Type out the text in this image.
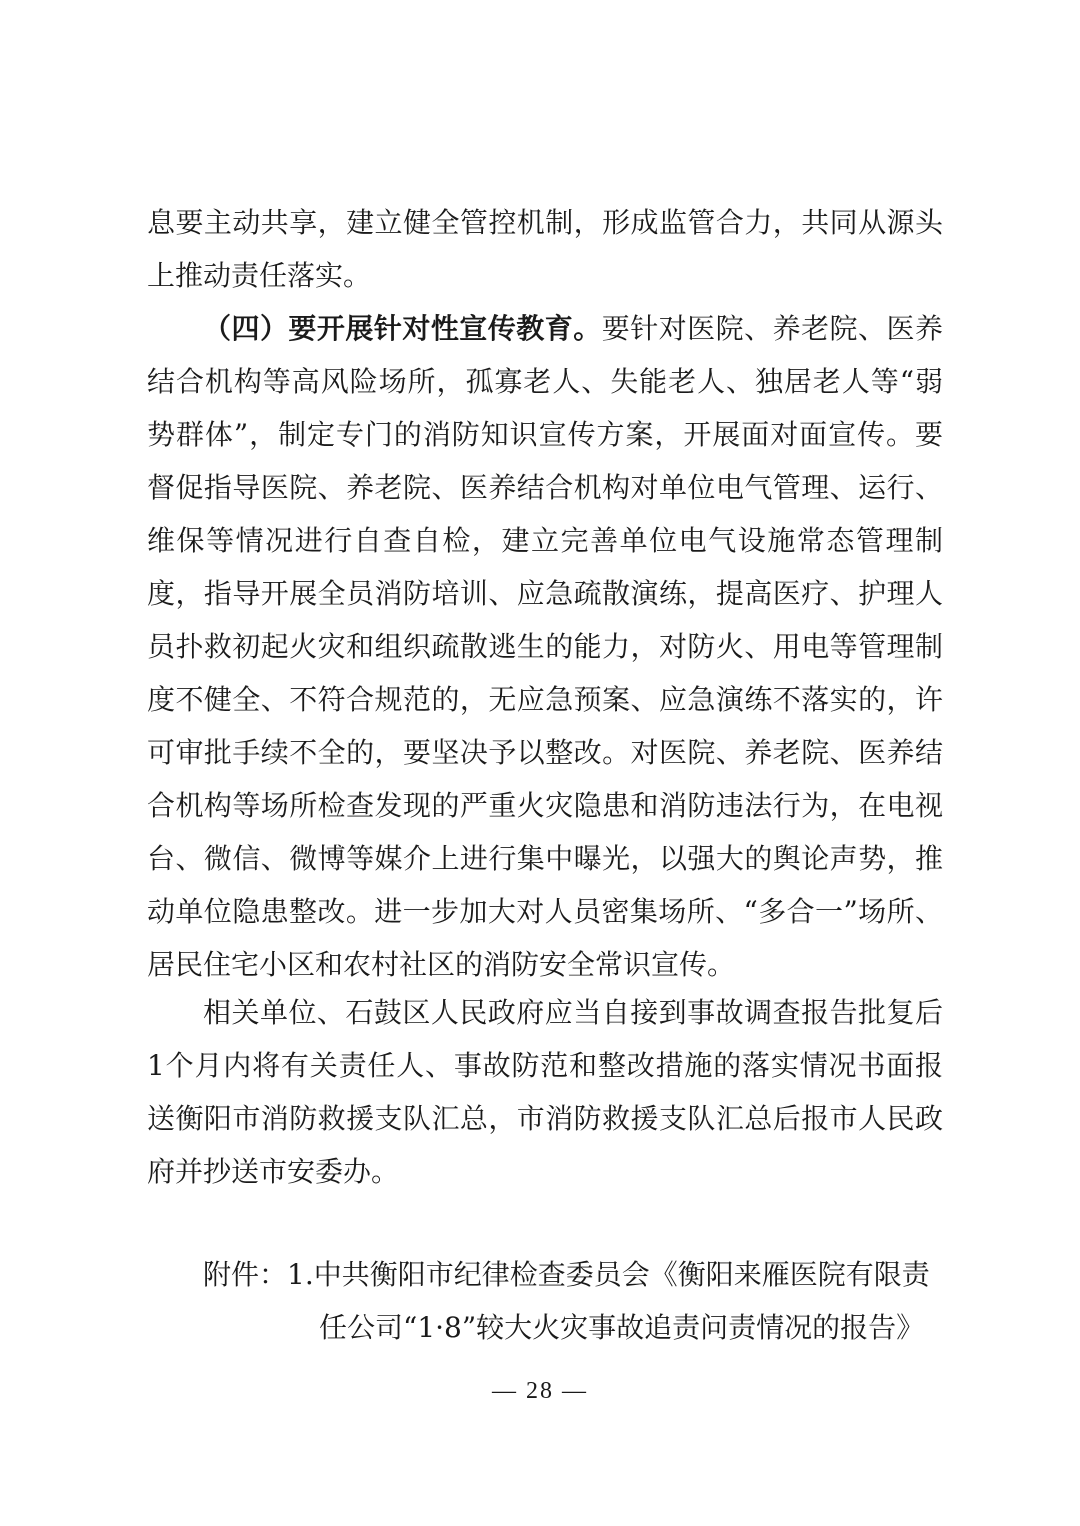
息要主动共享，建立健全管控机制，形成监管合力，共同从源头上推动责任落实。

（四）要开展针对性宣传教育。要针对医院、养老院、医养结合机构等高风险场所，孤寡老人、失能老人、独居老人等“弱势群体”，制定专门的消防知识宣传方案，开展面对面宣传。要督促指导医院、养老院、医养结合机构对单位电气管理、运行、维保等情况进行自查自检，建立完善单位电气设施常态管理制度，指导开展全员消防培训、应急疏散演练，提高医疗、护理人员扑救初起火灾和组织疏散逃生的能力，对防火、用电等管理制度不健全、不符合规范的，无应急预案、应急演练不落实的，许可审批手续不全的，要坚决予以整改。对医院、养老院、医养结合机构等场所检查发现的严重火灾隐患和消防违法行为，在电视台、微信、微博等媒介上进行集中曝光，以强大的舆论声势，推动单位隐患整改。进一步加大对人员密集场所、“多合一”场所、居民住宅小区和农村社区的消防安全常识宣传。

相关单位、石鼓区人民政府应当自接到事故调查报告批复后1个月内将有关责任人、事故防范和整改措施的落实情况书面报送衡阳市消防救援支队汇总，市消防救援支队汇总后报市人民政府并抄送市安委办。

附件：1.中共衡阳市纪律检查委员会《衡阳来雁医院有限责
任公司“1·8”较大火灾事故追责问责情况的报告》
— 28 —
